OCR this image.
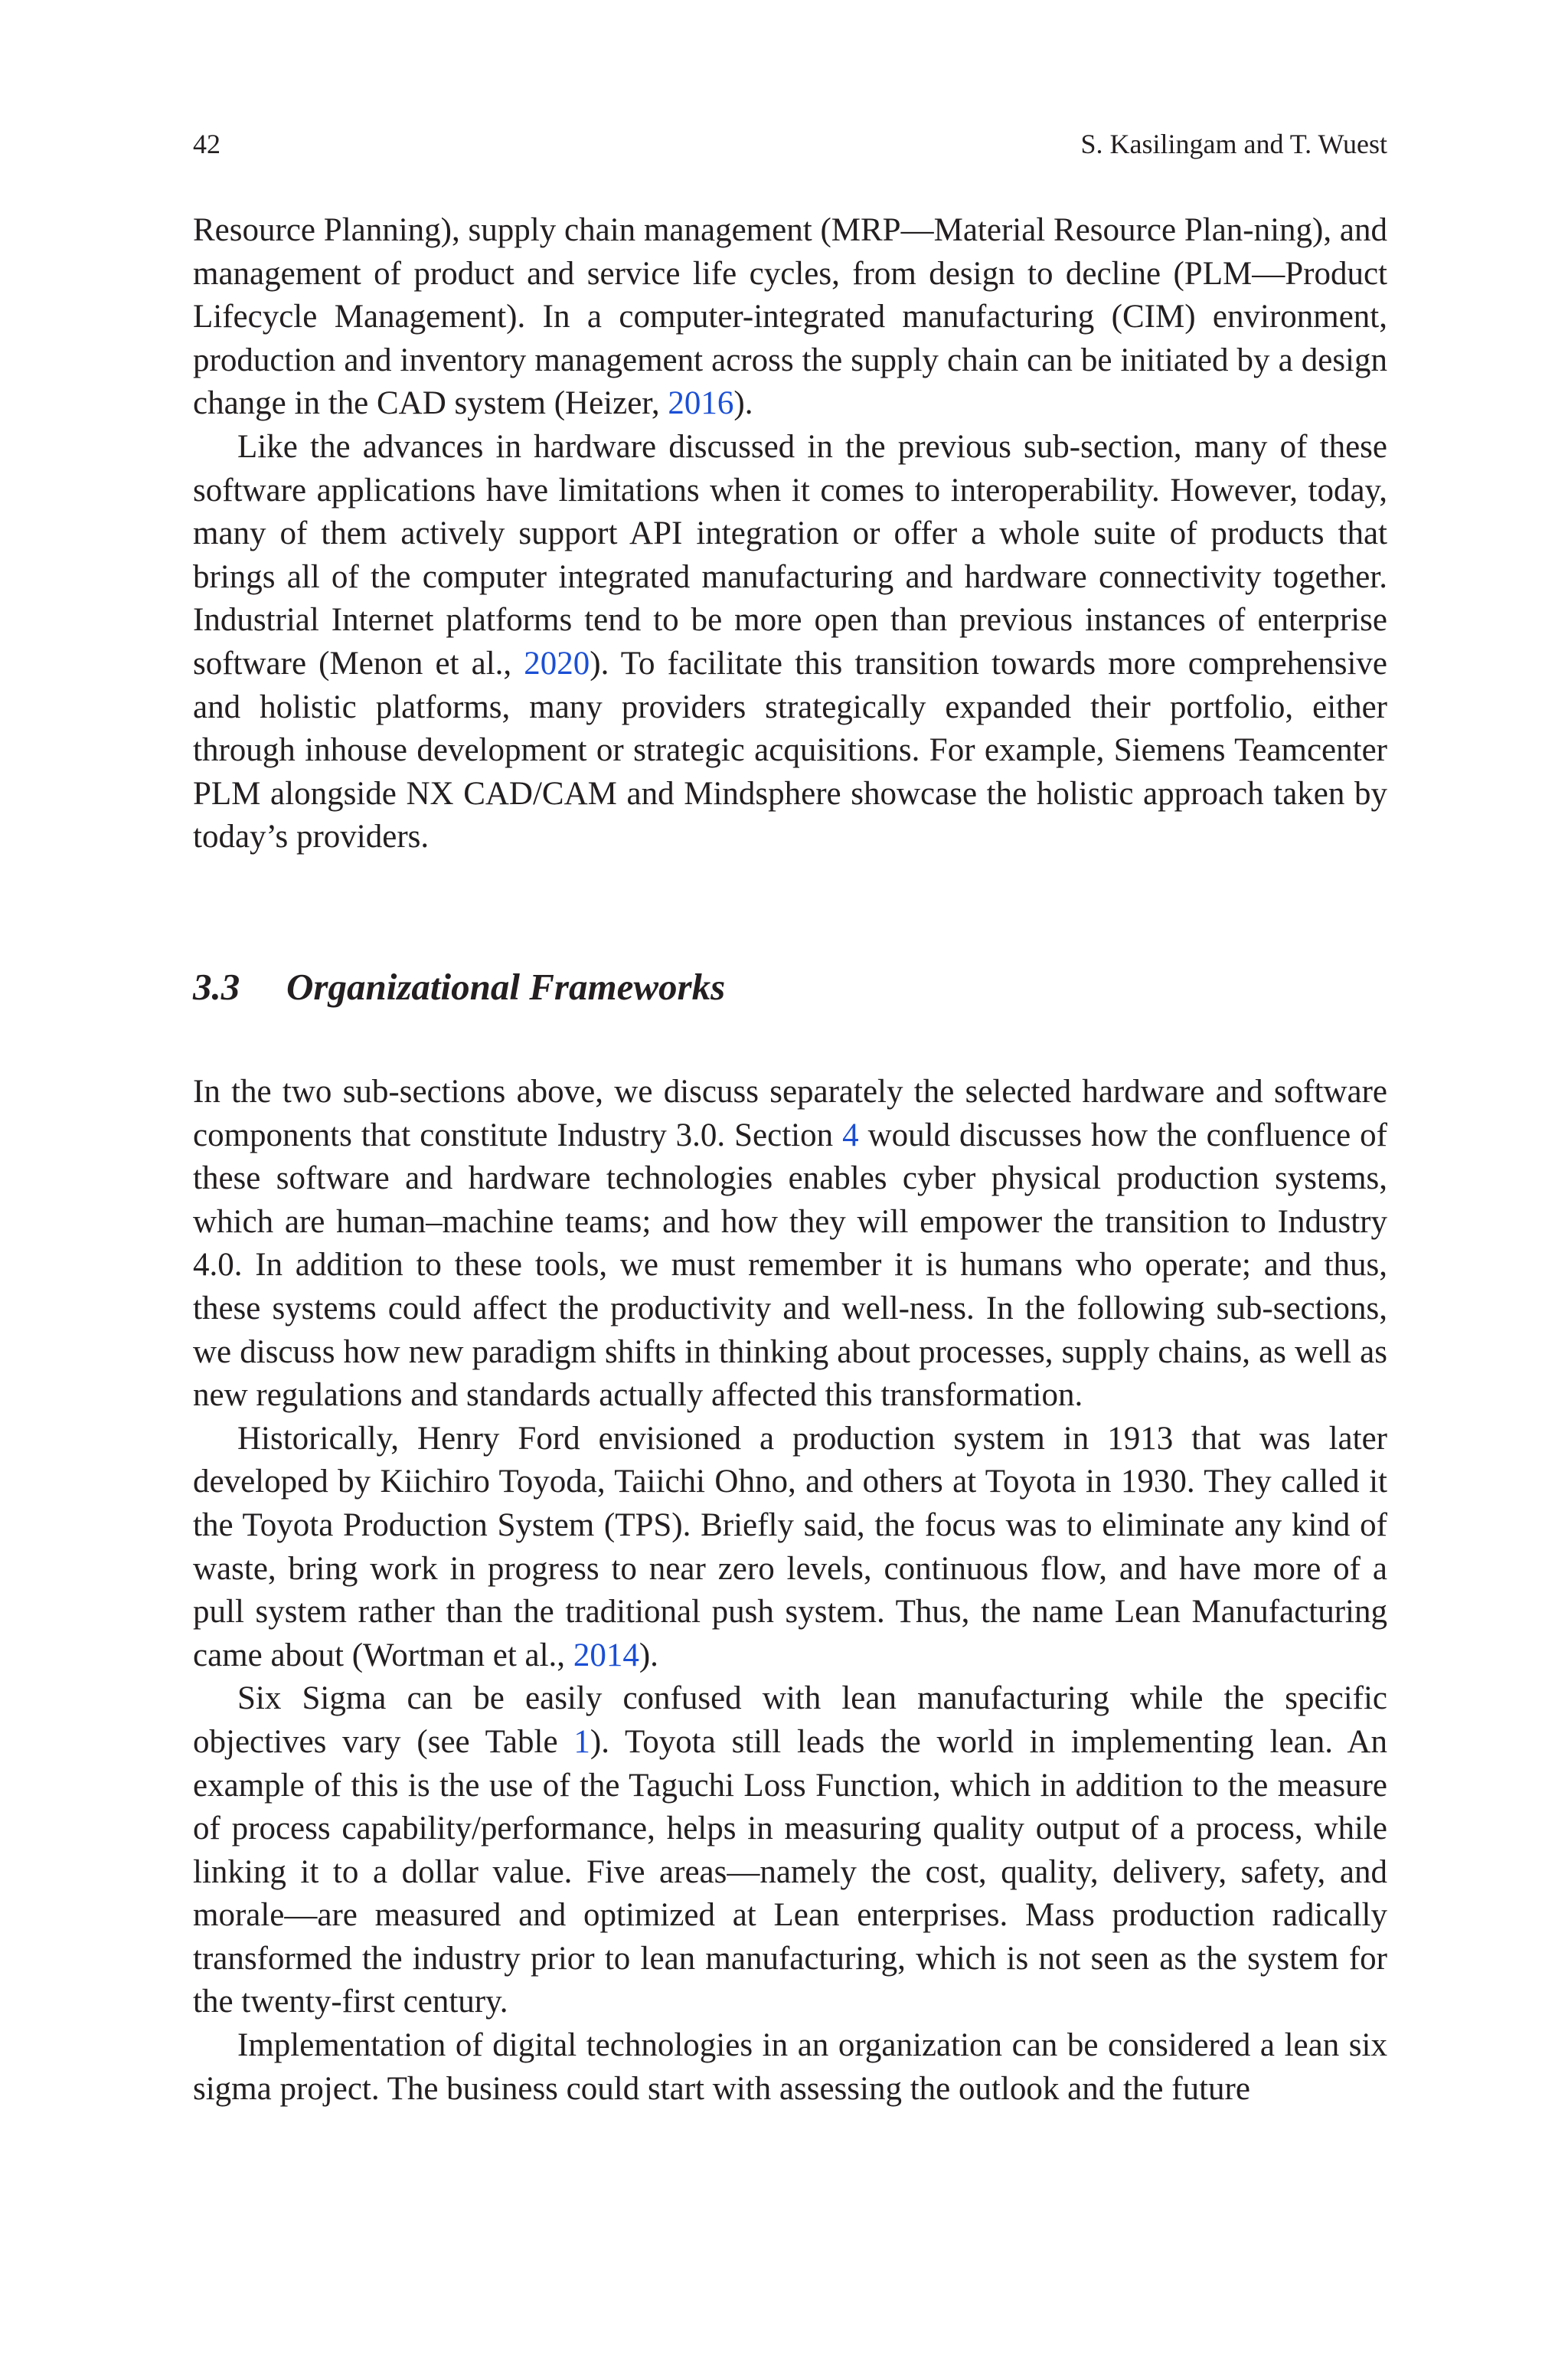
42	S. Kasilingam and T. Wuest

Resource Planning), supply chain management (MRP—Material Resource Plan-ning), and management of product and service life cycles, from design to decline (PLM—Product Lifecycle Management). In a computer-integrated manufacturing (CIM) environment, production and inventory management across the supply chain can be initiated by a design change in the CAD system (Heizer, 2016).

Like the advances in hardware discussed in the previous sub-section, many of these software applications have limitations when it comes to interoperability. However, today, many of them actively support API integration or offer a whole suite of products that brings all of the computer integrated manufacturing and hardware connectivity together. Industrial Internet platforms tend to be more open than previous instances of enterprise software (Menon et al., 2020). To facilitate this transition towards more comprehensive and holistic platforms, many providers strategically expanded their portfolio, either through inhouse development or strategic acquisitions. For example, Siemens Teamcenter PLM alongside NX CAD/CAM and Mindsphere showcase the holistic approach taken by today’s providers.

3.3 Organizational Frameworks

In the two sub-sections above, we discuss separately the selected hardware and software components that constitute Industry 3.0. Section 4 would discusses how the confluence of these software and hardware technologies enables cyber physical production systems, which are human–machine teams; and how they will empower the transition to Industry 4.0. In addition to these tools, we must remember it is humans who operate; and thus, these systems could affect the productivity and well-ness. In the following sub-sections, we discuss how new paradigm shifts in thinking about processes, supply chains, as well as new regulations and standards actually affected this transformation.

Historically, Henry Ford envisioned a production system in 1913 that was later developed by Kiichiro Toyoda, Taiichi Ohno, and others at Toyota in 1930. They called it the Toyota Production System (TPS). Briefly said, the focus was to eliminate any kind of waste, bring work in progress to near zero levels, continuous flow, and have more of a pull system rather than the traditional push system. Thus, the name Lean Manufacturing came about (Wortman et al., 2014).

Six Sigma can be easily confused with lean manufacturing while the specific objectives vary (see Table 1). Toyota still leads the world in implementing lean. An example of this is the use of the Taguchi Loss Function, which in addition to the measure of process capability/performance, helps in measuring quality output of a process, while linking it to a dollar value. Five areas—namely the cost, quality, delivery, safety, and morale—are measured and optimized at Lean enterprises. Mass production radically transformed the industry prior to lean manufacturing, which is not seen as the system for the twenty-first century.

Implementation of digital technologies in an organization can be considered a lean six sigma project. The business could start with assessing the outlook and the future
